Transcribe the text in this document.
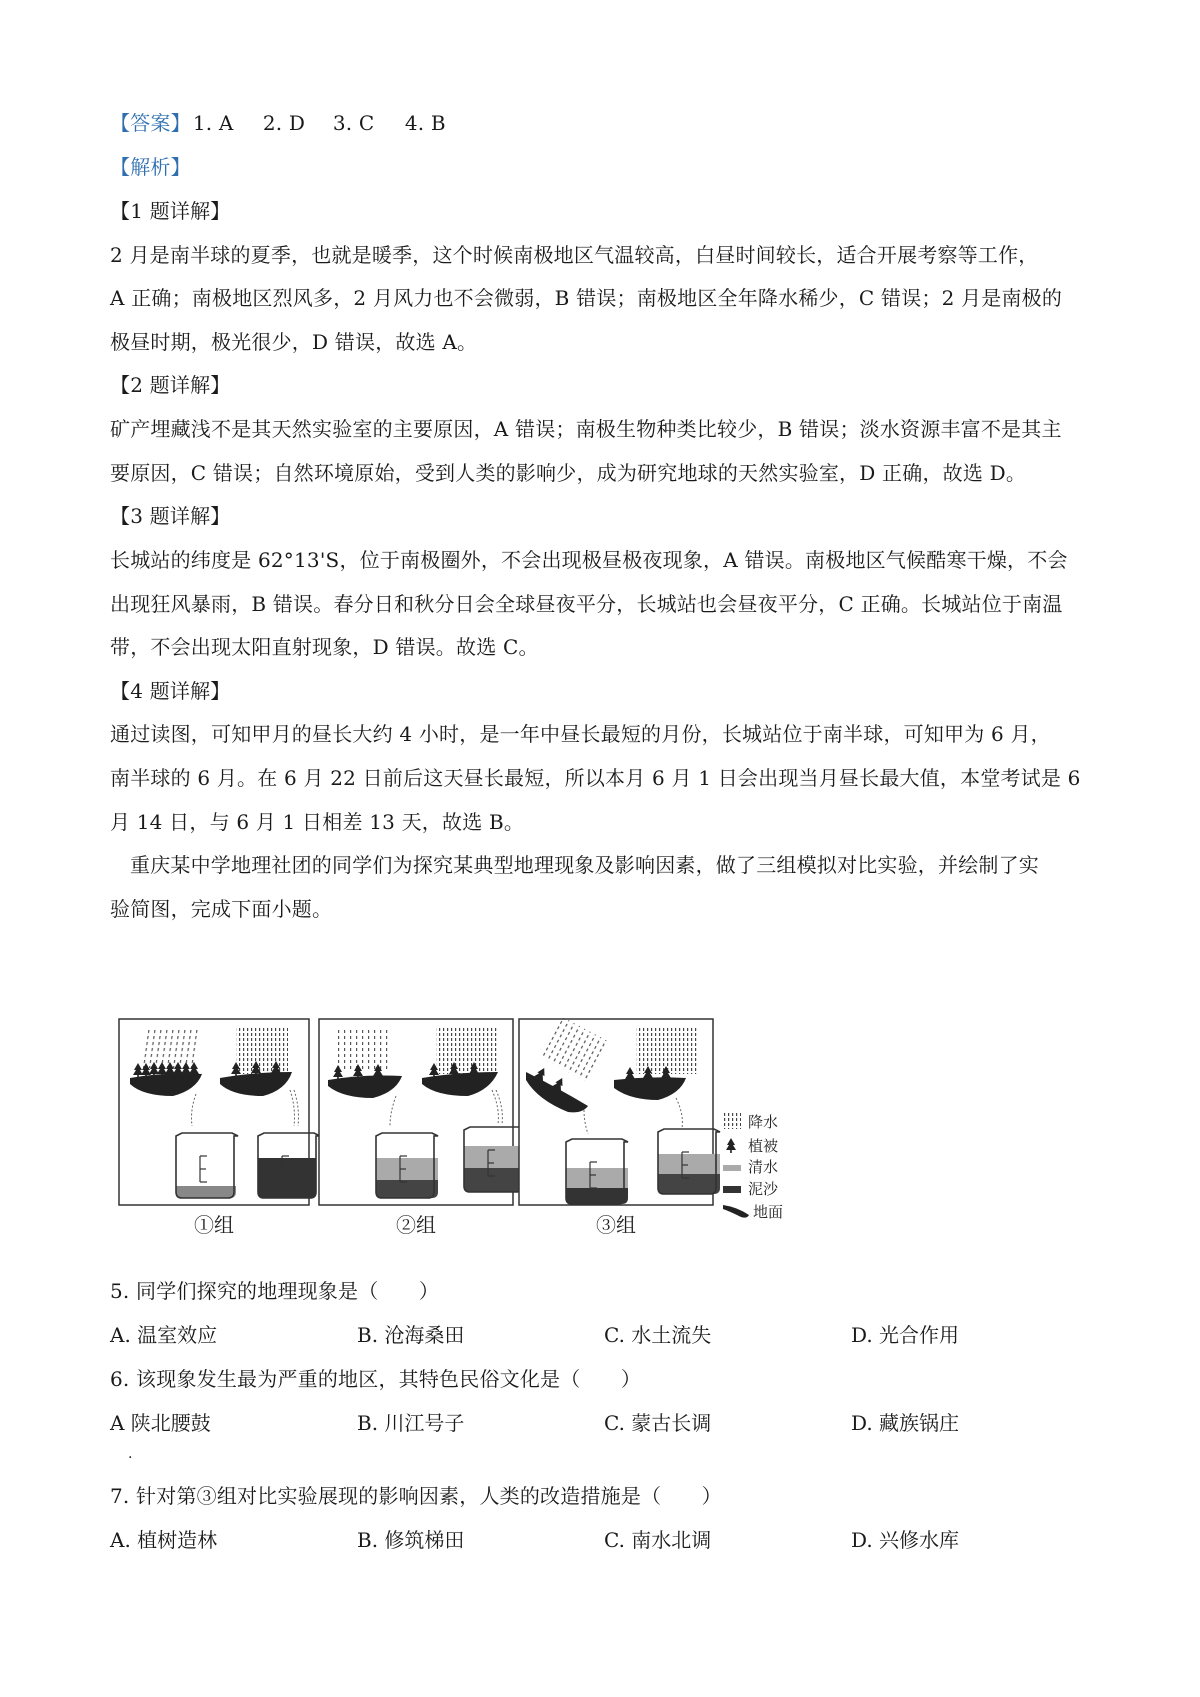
【答案】 1. A 2. D 3. C 4. B
【解析】
【1 题详解】
2 月是南半球的夏季，也就是暖季，这个时候南极地区气温较高，白昼时间较长，适合开展考察等工作，
A 正确；南极地区烈风多，2 月风力也不会微弱，B 错误；南极地区全年降水稀少，C 错误；2 月是南极的
极昼时期，极光很少，D 错误，故选 A。
【2 题详解】
矿产埋藏浅不是其天然实验室的主要原因，A 错误；南极生物种类比较少，B 错误；淡水资源丰富不是其主
要原因，C 错误；自然环境原始，受到人类的影响少，成为研究地球的天然实验室，D 正确，故选 D。
【3 题详解】
长城站的纬度是 62°13'S，位于南极圈外，不会出现极昼极夜现象，A 错误。南极地区气候酷寒干燥，不会
出现狂风暴雨，B 错误。春分日和秋分日会全球昼夜平分，长城站也会昼夜平分，C 正确。长城站位于南温
带，不会出现太阳直射现象，D 错误。故选 C。
【4 题详解】
通过读图，可知甲月的昼长大约 4 小时，是一年中昼长最短的月份，长城站位于南半球，可知甲为 6 月，
南半球的 6 月。在 6 月 22 日前后这天昼长最短，所以本月 6 月 1 日会出现当月昼长最大值，本堂考试是 6
月 14 日，与 6 月 1 日相差 13 天，故选 B。
重庆某中学地理社团的同学们为探究某典型地理现象及影响因素，做了三组模拟对比实验，并绘制了实
验简图，完成下面小题。
降水
植被
清水
泥沙
地面
①组	②组	③组
5. 同学们探究的地理现象是（　　）
A. 温室效应	B. 沧海桑田	C. 水土流失	D. 光合作用
6. 该现象发生最为严重的地区，其特色民俗文化是（　　）
A 陕北腰鼓	B. 川江号子	C. 蒙古长调	D. 藏族锅庄
.
7. 针对第③组对比实验展现的影响因素，人类的改造措施是（　　）
A. 植树造林	B. 修筑梯田	C. 南水北调	D. 兴修水库
